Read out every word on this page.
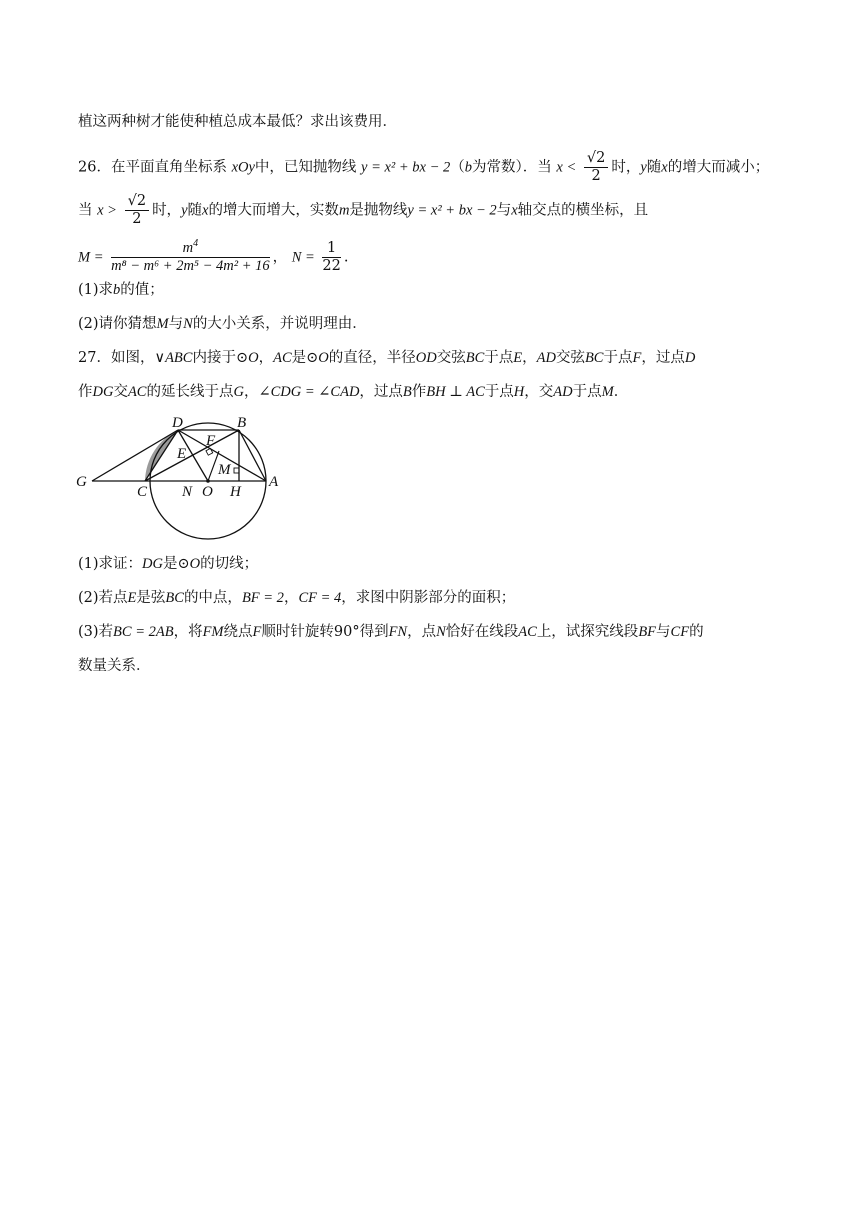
植这两种树才能使种植总成本最低？求出该费用．
26．在平面直角坐标系 xOy中，已知抛物线 y = x² + bx − 2（b为常数）．当 $x < \frac{√2}{2}$ 时，y随x的增大而减小；
当 $x > \frac{√2}{2}$ 时，y随x的增大而增大，实数m是抛物线y = x² + bx − 2与x轴交点的横坐标，且
$M = \frac{m^4}{\text{m⁸ − m⁶ + 2m⁵ − 4m² + 16}}$ ， $N = \frac{1}{22}$ .
(1)求b的值；
(2)请你猜想M与N的大小关系，并说明理由．
27．如图，∨ABC内接于⊙O，AC是⊙O的直径，半径OD交弦BC于点E，AD交弦BC于点F，过点D
作DG交AC的延长线于点G，∠CDG = ∠CAD，过点B作BH ⊥ AC于点H，交AD于点M．
D	B
F
E
M
G
C N O H
A
(1)求证：DG是⊙O的切线；
(2)若点E是弦BC的中点，BF = 2，CF = 4，求图中阴影部分的面积；
(3)若BC = 2AB，将FM绕点F顺时针旋转90°得到FN，点N恰好在线段AC上，试探究线段BF与CF的
数量关系．
